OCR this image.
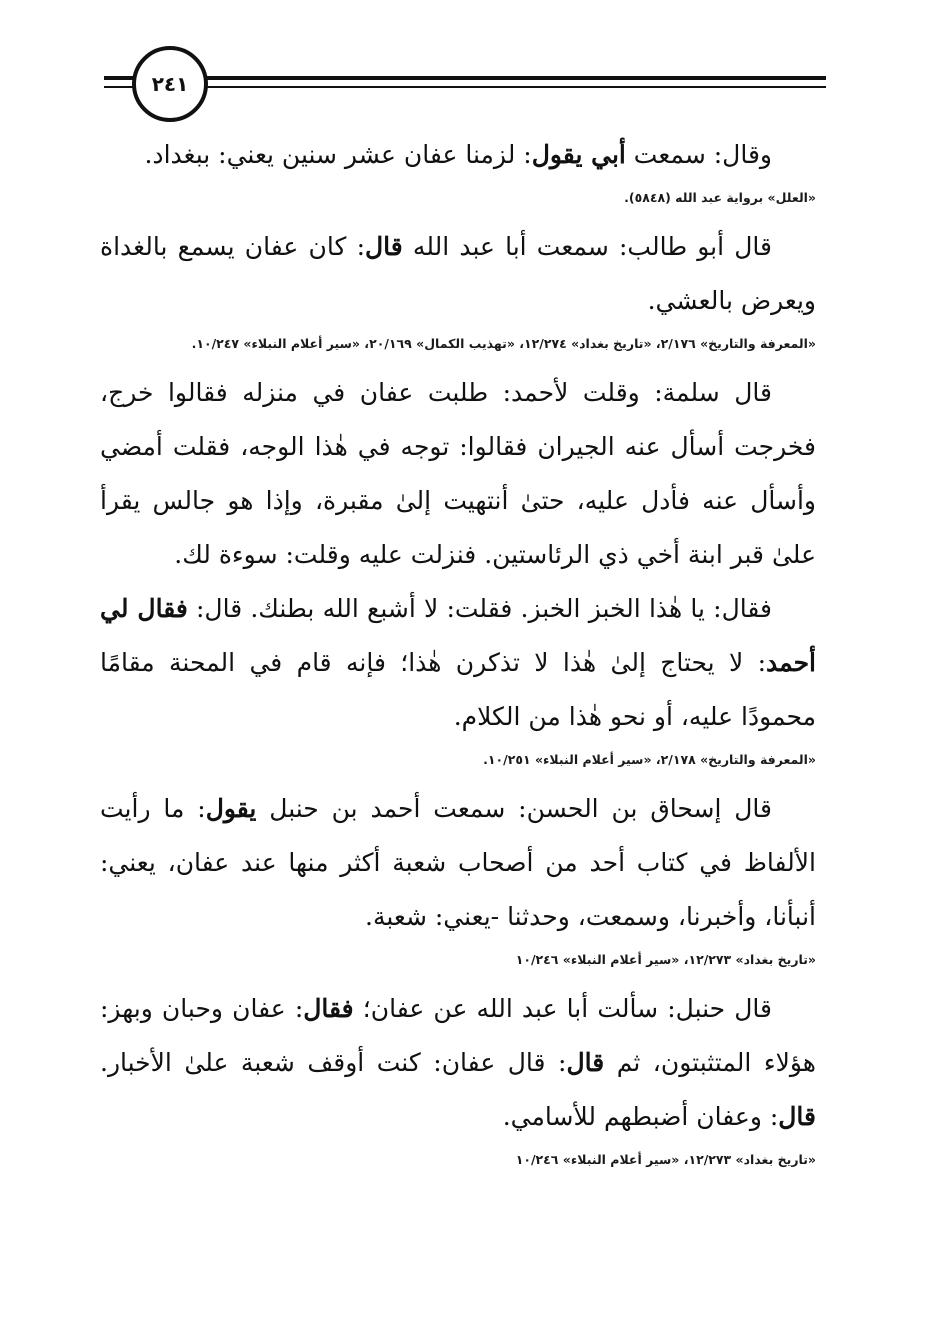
٢٤١

وقال: سمعت أبي يقول: لزمنا عفان عشر سنين يعني: ببغداد.

«العلل» برواية عبد الله (٥٨٤٨).

قال أبو طالب: سمعت أبا عبد الله قال: كان عفان يسمع بالغداة ويعرض بالعشي.

«المعرفة والتاريخ» ٢/١٧٦، «تاريخ بغداد» ١٢/٢٧٤، «تهذيب الكمال» ٢٠/١٦٩، «سير أعلام النبلاء» ١٠/٢٤٧.

قال سلمة: وقلت لأحمد: طلبت عفان في منزله فقالوا خرج، فخرجت أسأل عنه الجيران فقالوا: توجه في هٰذا الوجه، فقلت أمضي وأسأل عنه فأدل عليه، حتىٰ أنتهيت إلىٰ مقبرة، وإذا هو جالس يقرأ علىٰ قبر ابنة أخي ذي الرئاستين. فنزلت عليه وقلت: سوءة لك.

فقال: يا هٰذا الخبز الخبز. فقلت: لا أشبع الله بطنك. قال: فقال لي أحمد: لا يحتاج إلىٰ هٰذا لا تذكرن هٰذا؛ فإنه قام في المحنة مقامًا محمودًا عليه، أو نحو هٰذا من الكلام.

«المعرفة والتاريخ» ٢/١٧٨، «سير أعلام النبلاء» ١٠/٢٥١.

قال إسحاق بن الحسن: سمعت أحمد بن حنبل يقول: ما رأيت الألفاظ في كتاب أحد من أصحاب شعبة أكثر منها عند عفان، يعني: أنبأنا، وأخبرنا، وسمعت، وحدثنا -يعني: شعبة.

«تاريخ بغداد» ١٢/٢٧٣، «سير أعلام النبلاء» ١٠/٢٤٦

قال حنبل: سألت أبا عبد الله عن عفان؛ فقال: عفان وحبان وبهز: هؤلاء المتثبتون، ثم قال: قال عفان: كنت أوقف شعبة علىٰ الأخبار. قال: وعفان أضبطهم للأسامي.

«تاريخ بغداد» ١٢/٢٧٣، «سير أعلام النبلاء» ١٠/٢٤٦
